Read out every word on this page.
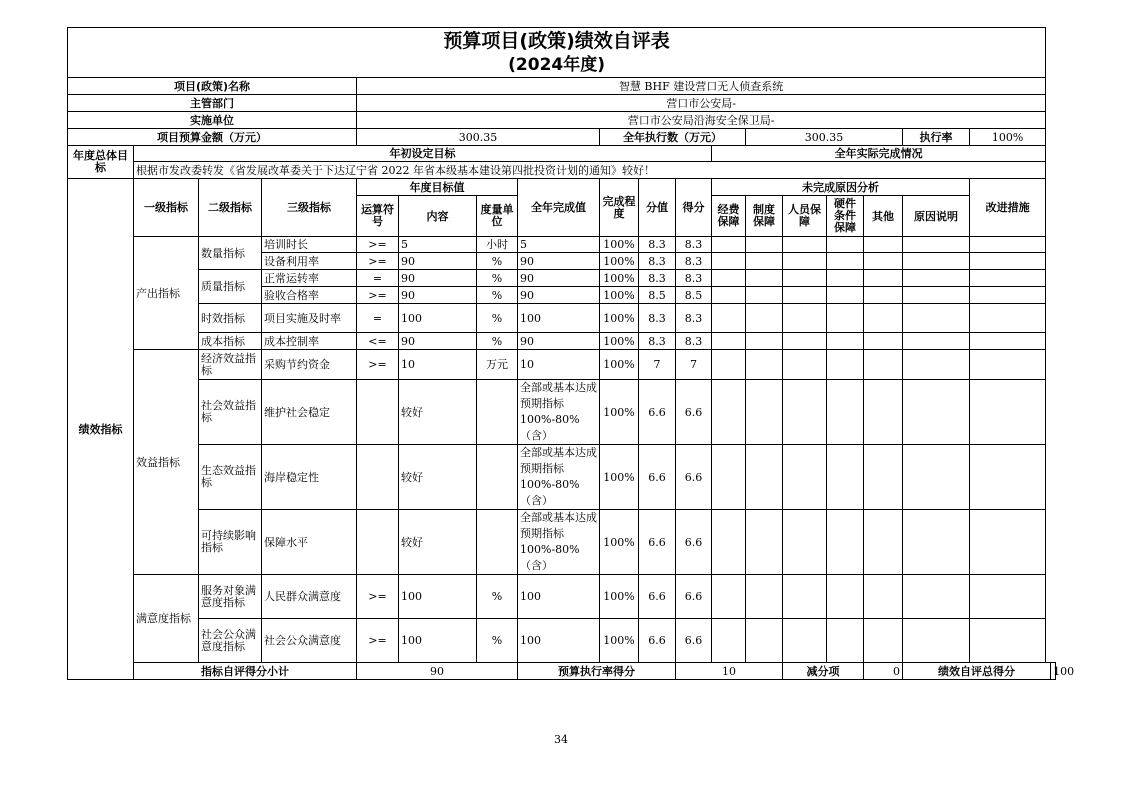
预算项目(政策)绩效自评表																		
(2024年度)																		
项目(政策)名称				智慧 BHF 建设营口无人侦查系统														
主管部门				营口市公安局-														
实施单位				营口市公安局沿海安全保卫局-														
项目预算金额（万元）				300.35				全年执行数（万元）				300.35				执行率	100%	
年度总体目标	年初设定目标										全年实际完成情况							
	根据市发改委转发《省发展改革委关于下达辽宁省 2022 年省本级基本建设第四批投资计划的通知》较好！																	
绩效指标	一级指标	二级指标	三级指标	年度目标值			全年完成值	完成程度	分值	得分	未完成原因分析						改进措施	
				运算符号	内容	度量单位					经费保障	制度保障	人员保障	硬件条件保障	其他	原因说明		
	产出指标	数量指标	培训时长	>=	5	小时	5	100%	8.3	8.3								
			设备利用率	>=	90	%	90	100%	8.3	8.3								
		质量指标	正常运转率	=	90	%	90	100%	8.3	8.3								
			验收合格率	>=	90	%	90	100%	8.5	8.5								
		时效指标	项目实施及时率	=	100	%	100	100%	8.3	8.3								
		成本指标	成本控制率	<=	90	%	90	100%	8.3	8.3								
	效益指标	经济效益指标	采购节约资金	>=	10	万元	10	100%	7	7								
		社会效益指标	维护社会稳定		较好		全部或基本达成预期指标100%-80%（含）	100%	6.6	6.6								
		生态效益指标	海岸稳定性		较好		全部或基本达成预期指标100%-80%（含）	100%	6.6	6.6								
		可持续影响指标	保障水平		较好		全部或基本达成预期指标100%-80%（含）	100%	6.6	6.6								
	满意度指标	服务对象满意度指标	人民群众满意度	>=	100	%	100	100%	6.6	6.6								
		社会公众满意度指标	社会公众满意度	>=	100	%	100	100%	6.6	6.6								
	指标自评得分小计			90			预算执行率得分			10			减分项		0	绩效自评总得分		100
34
